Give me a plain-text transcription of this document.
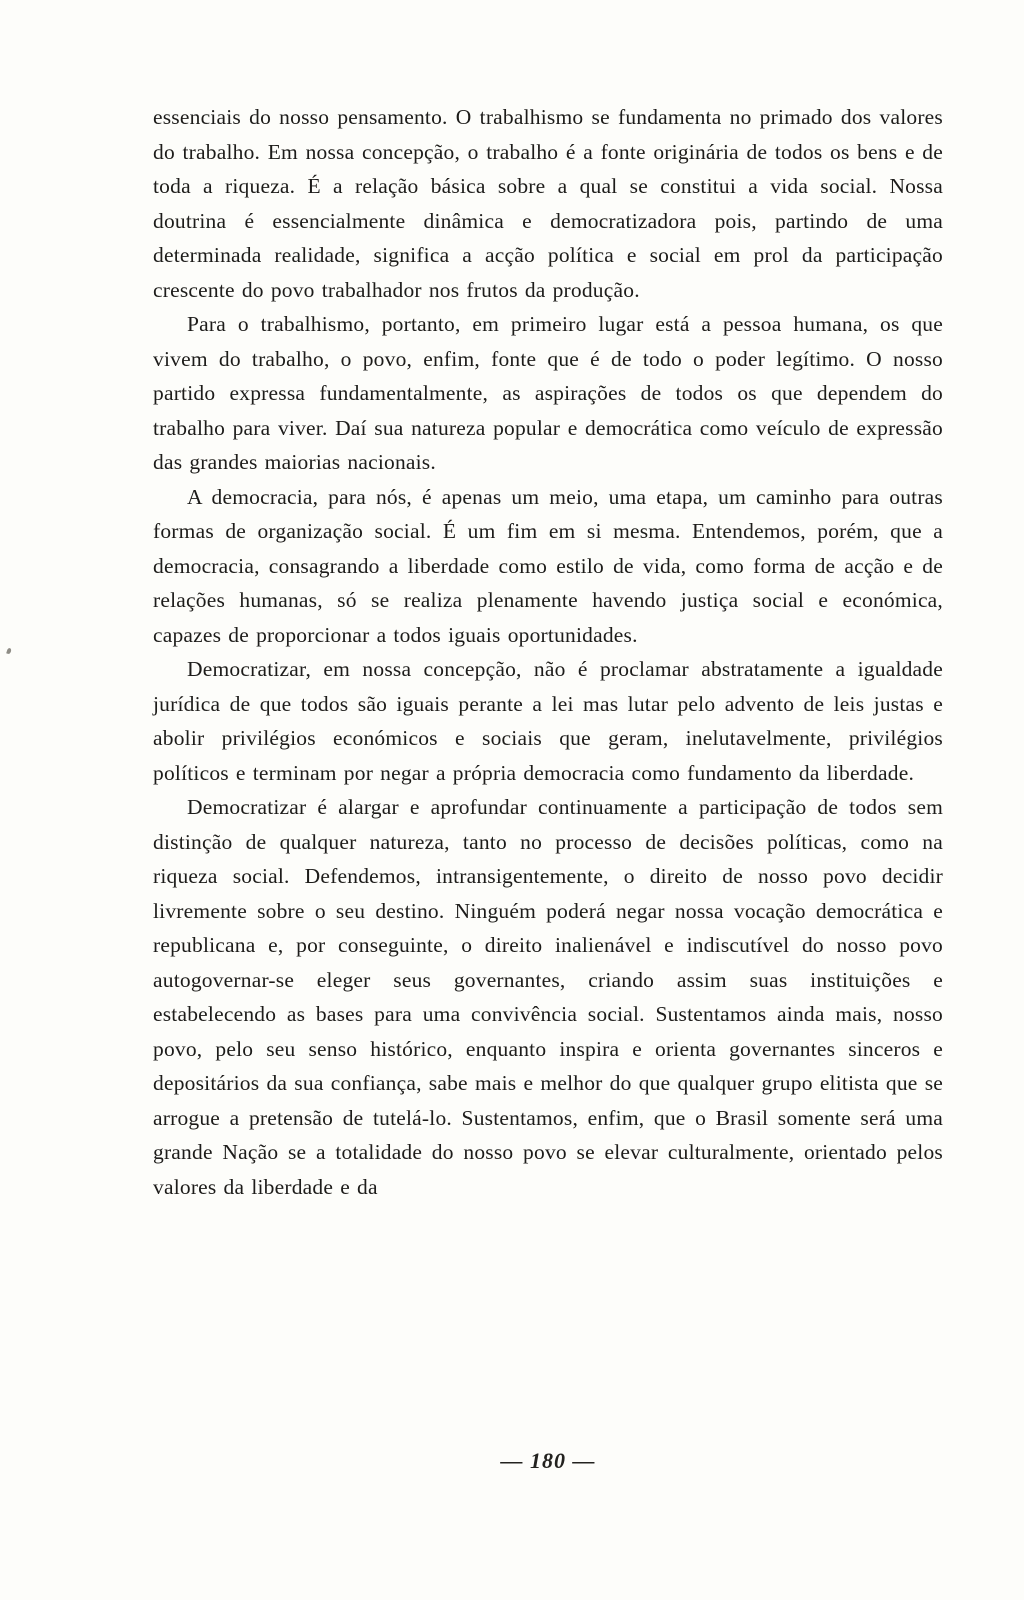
essenciais do nosso pensamento. O trabalhismo se fundamenta no primado dos valores do trabalho. Em nossa concepção, o trabalho é a fonte originária de todos os bens e de toda a riqueza. É a relação básica sobre a qual se constitui a vida social. Nossa doutrina é essencialmente dinâmica e democratizadora pois, partindo de uma determinada realidade, significa a acção política e social em prol da participação crescente do povo trabalhador nos frutos da produção.

Para o trabalhismo, portanto, em primeiro lugar está a pessoa humana, os que vivem do trabalho, o povo, enfim, fonte que é de todo o poder legítimo. O nosso partido expressa fundamentalmente, as aspirações de todos os que dependem do trabalho para viver. Daí sua natureza popular e democrática como veículo de expressão das grandes maiorias nacionais.

A democracia, para nós, é apenas um meio, uma etapa, um caminho para outras formas de organização social. É um fim em si mesma. Entendemos, porém, que a democracia, consagrando a liberdade como estilo de vida, como forma de acção e de relações humanas, só se realiza plenamente havendo justiça social e económica, capazes de proporcionar a todos iguais oportunidades.

Democratizar, em nossa concepção, não é proclamar abstratamente a igualdade jurídica de que todos são iguais perante a lei mas lutar pelo advento de leis justas e abolir privilégios económicos e sociais que geram, inelutavelmente, privilégios políticos e terminam por negar a própria democracia como fundamento da liberdade.

Democratizar é alargar e aprofundar continuamente a participação de todos sem distinção de qualquer natureza, tanto no processo de decisões políticas, como na riqueza social. Defendemos, intransigentemente, o direito de nosso povo decidir livremente sobre o seu destino. Ninguém poderá negar nossa vocação democrática e republicana e, por conseguinte, o direito inalienável e indiscutível do nosso povo autogovernar-se eleger seus governantes, criando assim suas instituições e estabelecendo as bases para uma convivência social. Sustentamos ainda mais, nosso povo, pelo seu senso histórico, enquanto inspira e orienta governantes sinceros e depositários da sua confiança, sabe mais e melhor do que qualquer grupo elitista que se arrogue a pretensão de tutelá-lo. Sustentamos, enfim, que o Brasil somente será uma grande Nação se a totalidade do nosso povo se elevar culturalmente, orientado pelos valores da liberdade e da

— 180 —
